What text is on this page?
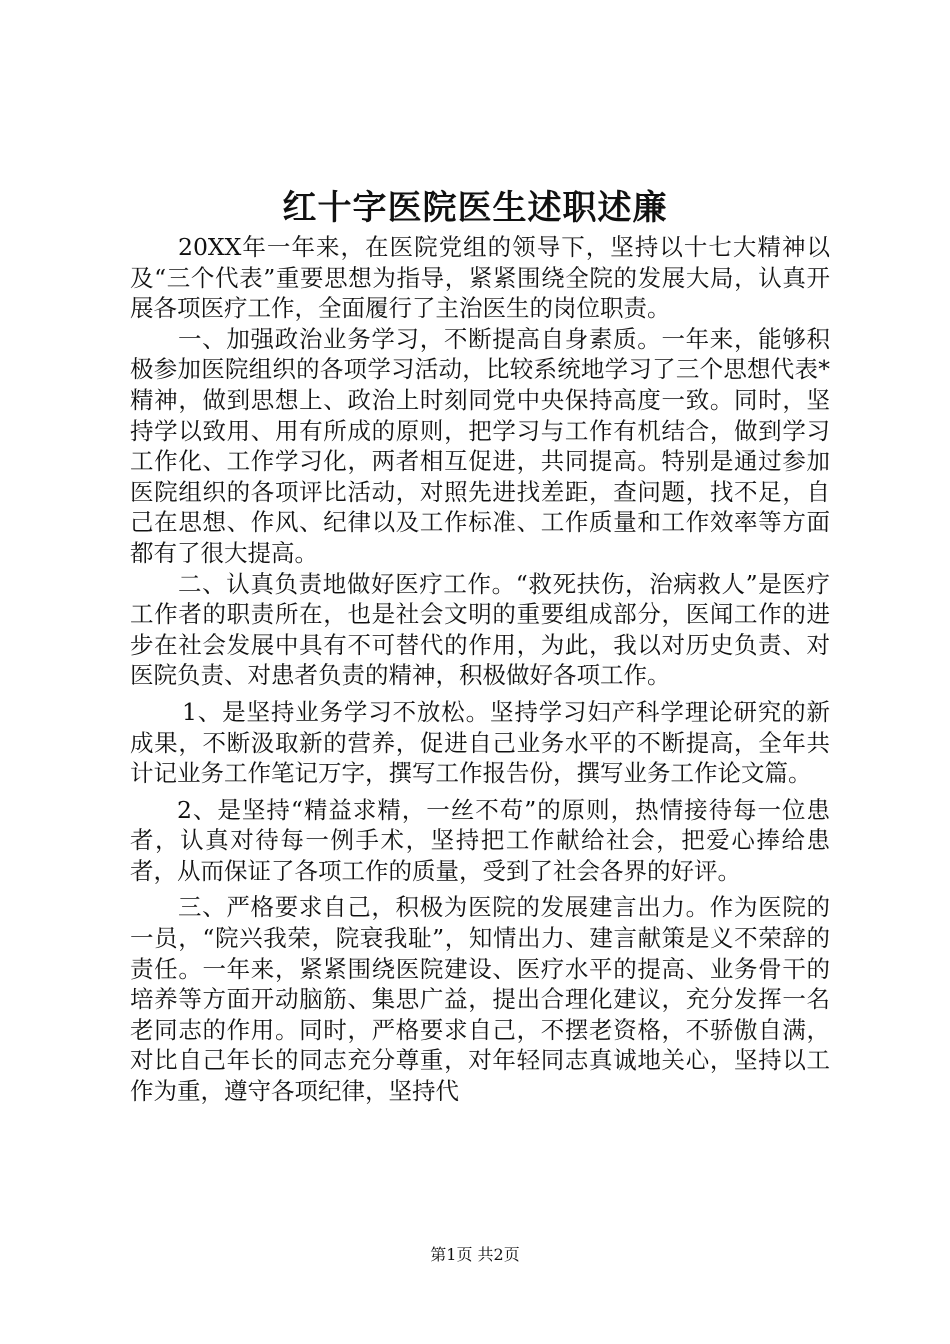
红十字医院医生述职述廉

20XX年一年来，在医院党组的领导下，坚持以十七大精神以及“三个代表”重要思想为指导，紧紧围绕全院的发展大局，认真开展各项医疗工作，全面履行了主治医生的岗位职责。

一、加强政治业务学习，不断提高自身素质。一年来，能够积极参加医院组织的各项学习活动，比较系统地学习了三个思想代表*精神，做到思想上、政治上时刻同党中央保持高度一致。同时，坚持学以致用、用有所成的原则，把学习与工作有机结合，做到学习工作化、工作学习化，两者相互促进，共同提高。特别是通过参加医院组织的各项评比活动，对照先进找差距，查问题，找不足，自己在思想、作风、纪律以及工作标准、工作质量和工作效率等方面都有了很大提高。

二、认真负责地做好医疗工作。“救死扶伤，治病救人”是医疗工作者的职责所在，也是社会文明的重要组成部分，医闻工作的进步在社会发展中具有不可替代的作用，为此，我以对历史负责、对医院负责、对患者负责的精神，积极做好各项工作。

1、是坚持业务学习不放松。坚持学习妇产科学理论研究的新成果，不断汲取新的营养，促进自己业务水平的不断提高，全年共计记业务工作笔记万字，撰写工作报告份，撰写业务工作论文篇。

2、是坚持“精益求精，一丝不苟”的原则，热情接待每一位患者，认真对待每一例手术，坚持把工作献给社会，把爱心捧给患者，从而保证了各项工作的质量，受到了社会各界的好评。

三、严格要求自己，积极为医院的发展建言出力。作为医院的一员，“院兴我荣，院衰我耻”，知情出力、建言献策是义不荣辞的责任。一年来，紧紧围绕医院建设、医疗水平的提高、业务骨干的培养等方面开动脑筋、集思广益，提出合理化建议，充分发挥一名老同志的作用。同时，严格要求自己，不摆老资格，不骄傲自满，对比自己年长的同志充分尊重，对年轻同志真诚地关心，坚持以工作为重，遵守各项纪律，坚持代

第1页 共2页
